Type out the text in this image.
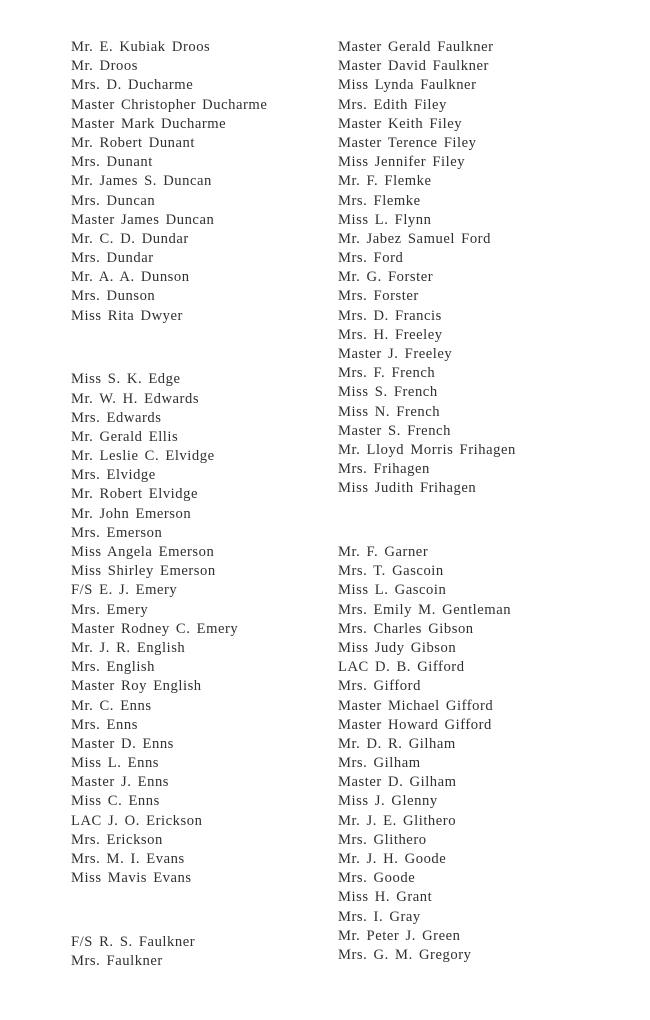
Mr. E. Kubiak Droos
Mr. Droos
Mrs. D. Ducharme
Master Christopher Ducharme
Master Mark Ducharme
Mr. Robert Dunant
Mrs. Dunant
Mr. James S. Duncan
Mrs. Duncan
Master James Duncan
Mr. C. D. Dundar
Mrs. Dundar
Mr. A. A. Dunson
Mrs. Dunson
Miss Rita Dwyer
Miss S. K. Edge
Mr. W. H. Edwards
Mrs. Edwards
Mr. Gerald Ellis
Mr. Leslie C. Elvidge
Mrs. Elvidge
Mr. Robert Elvidge
Mr. John Emerson
Mrs. Emerson
Miss Angela Emerson
Miss Shirley Emerson
F/S E. J. Emery
Mrs. Emery
Master Rodney C. Emery
Mr. J. R. English
Mrs. English
Master Roy English
Mr. C. Enns
Mrs. Enns
Master D. Enns
Miss L. Enns
Master J. Enns
Miss C. Enns
LAC J. O. Erickson
Mrs. Erickson
Mrs. M. I. Evans
Miss Mavis Evans
F/S R. S. Faulkner
Mrs. Faulkner
Master Gerald Faulkner
Master David Faulkner
Miss Lynda Faulkner
Mrs. Edith Filey
Master Keith Filey
Master Terence Filey
Miss Jennifer Filey
Mr. F. Flemke
Mrs. Flemke
Miss L. Flynn
Mr. Jabez Samuel Ford
Mrs. Ford
Mr. G. Forster
Mrs. Forster
Mrs. D. Francis
Mrs. H. Freeley
Master J. Freeley
Mrs. F. French
Miss S. French
Miss N. French
Master S. French
Mr. Lloyd Morris Frihagen
Mrs. Frihagen
Miss Judith Frihagen
Mr. F. Garner
Mrs. T. Gascoin
Miss L. Gascoin
Mrs. Emily M. Gentleman
Mrs. Charles Gibson
Miss Judy Gibson
LAC D. B. Gifford
Mrs. Gifford
Master Michael Gifford
Master Howard Gifford
Mr. D. R. Gilham
Mrs. Gilham
Master D. Gilham
Miss J. Glenny
Mr. J. E. Glithero
Mrs. Glithero
Mr. J. H. Goode
Mrs. Goode
Miss H. Grant
Mrs. I. Gray
Mr. Peter J. Green
Mrs. G. M. Gregory
